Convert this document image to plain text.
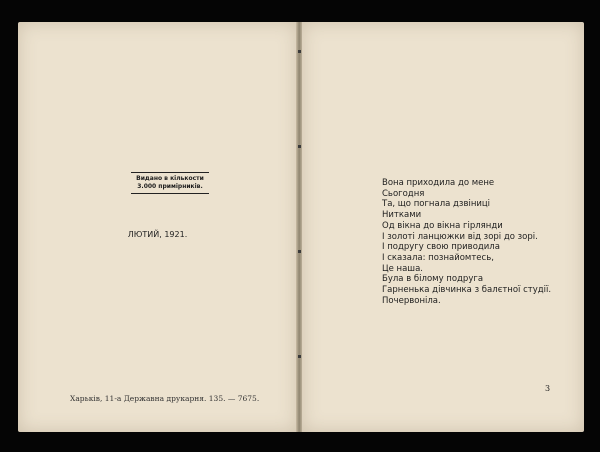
Видано в кількости
3.000 примірників.
ЛЮТИЙ, 1921.
Харьків, 11-а Державна друкарня. 135. — 7675.
Вона приходила до мене
Сьогодня
Та, що погнала дзвіниці
Нитками
Од вікна до вікна гірлянди
І золоті ланцюжки від зорі до зорі.
І подругу свою приводила
І сказала: познайомтесь,
Це наша.
Була в білому подруга
Гарненька дівчинка з балєтної студії.
Почервоніла.
3
